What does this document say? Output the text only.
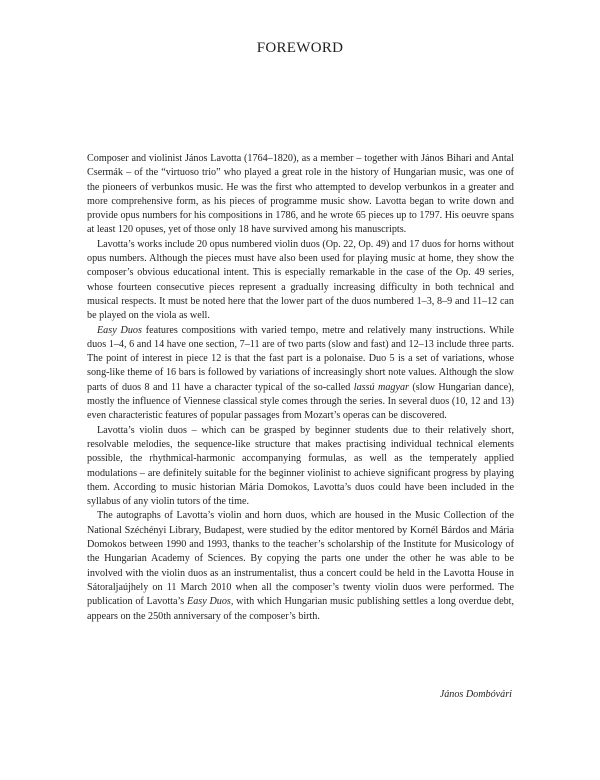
FOREWORD

Composer and violinist János Lavotta (1764–1820), as a member – together with János Bihari and Antal Csermák – of the “virtuoso trio” who played a great role in the history of Hungarian music, was one of the pioneers of verbunkos music. He was the first who attempted to develop verbunkos in a greater and more comprehensive form, as his pieces of programme music show. Lavotta began to write down and provide opus numbers for his compositions in 1786, and he wrote 65 pieces up to 1797. His oeuvre spans at least 120 opuses, yet of those only 18 have survived among his manuscripts.

Lavotta’s works include 20 opus numbered violin duos (Op. 22, Op. 49) and 17 duos for horns without opus numbers. Although the pieces must have also been used for playing music at home, they show the composer’s obvious educational intent. This is especially remarkable in the case of the Op. 49 series, whose fourteen consecutive pieces represent a gradually increasing difficulty in both technical and musical respects. It must be noted here that the lower part of the duos numbered 1–3, 8–9 and 11–12 can be played on the viola as well.

Easy Duos features compositions with varied tempo, metre and relatively many instructions. While duos 1–4, 6 and 14 have one section, 7–11 are of two parts (slow and fast) and 12–13 include three parts. The point of interest in piece 12 is that the fast part is a polonaise. Duo 5 is a set of variations, whose song-like theme of 16 bars is followed by variations of increasingly short note values. Although the slow parts of duos 8 and 11 have a character typical of the so-called lassú magyar (slow Hungarian dance), mostly the influence of Viennese classical style comes through the series. In several duos (10, 12 and 13) even characteristic features of popular passages from Mozart’s operas can be discovered.

Lavotta’s violin duos – which can be grasped by beginner students due to their relatively short, resolvable melodies, the sequence-like structure that makes practising individual technical elements possible, the rhythmical-harmonic accompanying formulas, as well as the temperately applied modulations – are definitely suitable for the beginner violinist to achieve significant progress by playing them. According to music historian Mária Domokos, Lavotta’s duos could have been included in the syllabus of any violin tutors of the time.

The autographs of Lavotta’s violin and horn duos, which are housed in the Music Collection of the National Széchényi Library, Budapest, were studied by the editor mentored by Kornél Bárdos and Mária Domokos between 1990 and 1993, thanks to the teacher’s scholarship of the Institute for Musicology of the Hungarian Academy of Sciences. By copying the parts one under the other he was able to be involved with the violin duos as an instrumentalist, thus a concert could be held in the Lavotta House in Sátoraljaújhely on 11 March 2010 when all the composer’s twenty violin duos were performed. The publication of Lavotta’s Easy Duos, with which Hungarian music publishing settles a long overdue debt, appears on the 250th anniversary of the composer’s birth.

János Dombóvári
